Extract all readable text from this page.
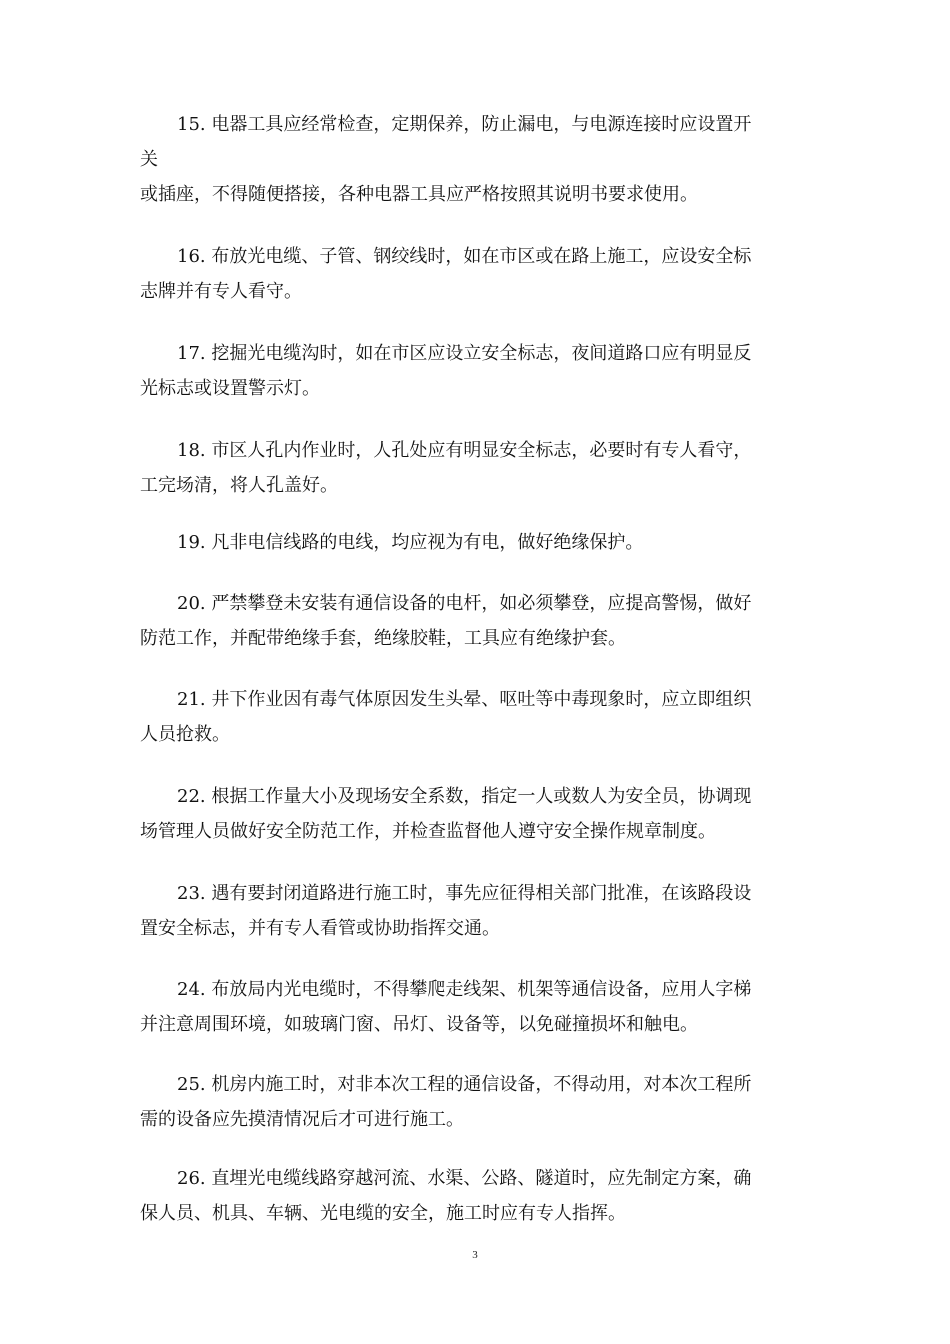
15. 电器工具应经常检查，定期保养，防止漏电，与电源连接时应设置开
关
或插座，不得随便搭接，各种电器工具应严格按照其说明书要求使用。

16. 布放光电缆、子管、钢绞线时，如在市区或在路上施工，应设安全标
志牌并有专人看守。

17. 挖掘光电缆沟时，如在市区应设立安全标志，夜间道路口应有明显反
光标志或设置警示灯。

18. 市区人孔内作业时，人孔处应有明显安全标志，必要时有专人看守，
工完场清，将人孔盖好。

19. 凡非电信线路的电线，均应视为有电，做好绝缘保护。

20. 严禁攀登未安装有通信设备的电杆，如必须攀登，应提高警惕，做好
防范工作，并配带绝缘手套，绝缘胶鞋，工具应有绝缘护套。

21. 井下作业因有毒气体原因发生头晕、呕吐等中毒现象时，应立即组织
人员抢救。

22. 根据工作量大小及现场安全系数，指定一人或数人为安全员，协调现
场管理人员做好安全防范工作，并检查监督他人遵守安全操作规章制度。

23. 遇有要封闭道路进行施工时，事先应征得相关部门批准，在该路段设
置安全标志，并有专人看管或协助指挥交通。

24. 布放局内光电缆时，不得攀爬走线架、机架等通信设备，应用人字梯
并注意周围环境，如玻璃门窗、吊灯、设备等，以免碰撞损坏和触电。

25. 机房内施工时，对非本次工程的通信设备，不得动用，对本次工程所
需的设备应先摸清情况后才可进行施工。

26. 直埋光电缆线路穿越河流、水渠、公路、隧道时，应先制定方案，确
保人员、机具、车辆、光电缆的安全，施工时应有专人指挥。

3
